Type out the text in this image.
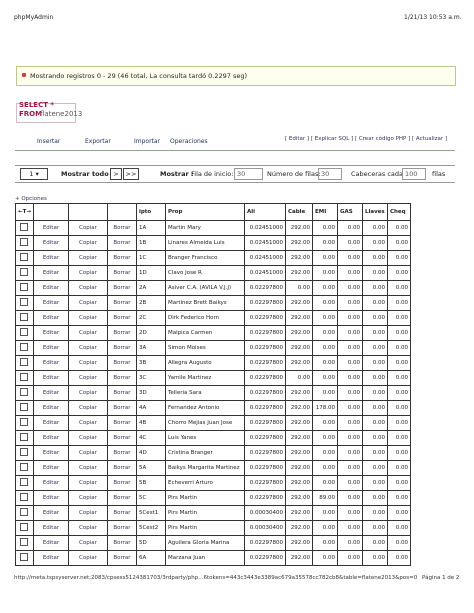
phpMyAdmin	1/21/13 10:53 a.m.
Mostrando registros 0 - 29 (46 total, La consulta tardó 0.2297 seg)
SELECT *
FROM
flatene2013
Insertar	Exportar	Importar Operaciones	[ Editar ] [ Explicar SQL ] [ Crear código PHP ] [ Actualizar ]
1 ▾	Mostrar todo >	>>	Mostrar :
Fila de inicio: 30	Número de filas: 30	Cabeceras cada 100	filas
+ Opciones
←T→				ipto	Prop	Ali	Cable	EMI	GAS	Llaves	Cheq
	Editar	Copiar	Borrar	1A	Martin Mary	0.02451000	292.00	0.00	0.00	0.00	0.00
	Editar	Copiar	Borrar	1B	Linares Almeida Luis	0.02451000	292.00	0.00	0.00	0.00	0.00
	Editar	Copiar	Borrar	1C	Branger Francisco	0.02451000	292.00	0.00	0.00	0.00	0.00
	Editar	Copiar	Borrar	1D	Clavo Jose R	0.02451000	292.00	0.00	0.00	0.00	0.00
	Editar	Copiar	Borrar	2A	Asiver C.A. (AVILA V.J.J)	0.02297800	0.00	0.00	0.00	0.00	0.00
	Editar	Copiar	Borrar	2B	Martinez Brett Baikys	0.02297800	292.00	0.00	0.00	0.00	0.00
	Editar	Copiar	Borrar	2C	Dirk Federico Horn	0.02297800	292.00	0.00	0.00	0.00	0.00
	Editar	Copiar	Borrar	2D	Malpica Carmen	0.02297800	292.00	0.00	0.00	0.00	0.00
	Editar	Copiar	Borrar	3A	Simon Moises	0.02297800	292.00	0.00	0.00	0.00	0.00
	Editar	Copiar	Borrar	3B	Allegra Augusto	0.02297800	292.00	0.00	0.00	0.00	0.00
	Editar	Copiar	Borrar	3C	Yamile Martinez	0.02297800	0.00	0.00	0.00	0.00	0.00
	Editar	Copiar	Borrar	3D	Telleria Sara	0.02297800	292.00	0.00	0.00	0.00	0.00
	Editar	Copiar	Borrar	4A	Fernandez Antonio	0.02297800	292.00	178.00	0.00	0.00	0.00
	Editar	Copiar	Borrar	4B	Chorro Mejias Juan Jose	0.02297800	292.00	0.00	0.00	0.00	0.00
	Editar	Copiar	Borrar	4C	Luis Yanes	0.02297800	292.00	0.00	0.00	0.00	0.00
	Editar	Copiar	Borrar	4D	Cristina Branger	0.02297800	292.00	0.00	0.00	0.00	0.00
	Editar	Copiar	Borrar	5A	Baikys Margarita Martinez	0.02297800	292.00	0.00	0.00	0.00	0.00
	Editar	Copiar	Borrar	5B	Echeverri Arturo	0.02297800	292.00	0.00	0.00	0.00	0.00
	Editar	Copiar	Borrar	5C	Pirs Martin	0.02297800	292.00	89.00	0.00	0.00	0.00
	Editar	Copiar	Borrar	5Cest1	Pirs Martin	0.00030400	292.00	0.00	0.00	0.00	0.00
	Editar	Copiar	Borrar	5Cest2	Pirs Martin	0.00030400	292.00	0.00	0.00	0.00	0.00
	Editar	Copiar	Borrar	5D	Aguilera Gloria Marina	0.02297800	292.00	0.00	0.00	0.00	0.00
	Editar	Copiar	Borrar	6A	Marzana Juan	0.02297800	292.00	0.00	0.00	0.00	0.00
http://meta.tspsyserver.net:2083/cpsess5124381703/3rdparty/php...6tokens=443c3443e3389ac679a35578cc782cb8&table=flatene2013&pos=0 Página 1 de 2
